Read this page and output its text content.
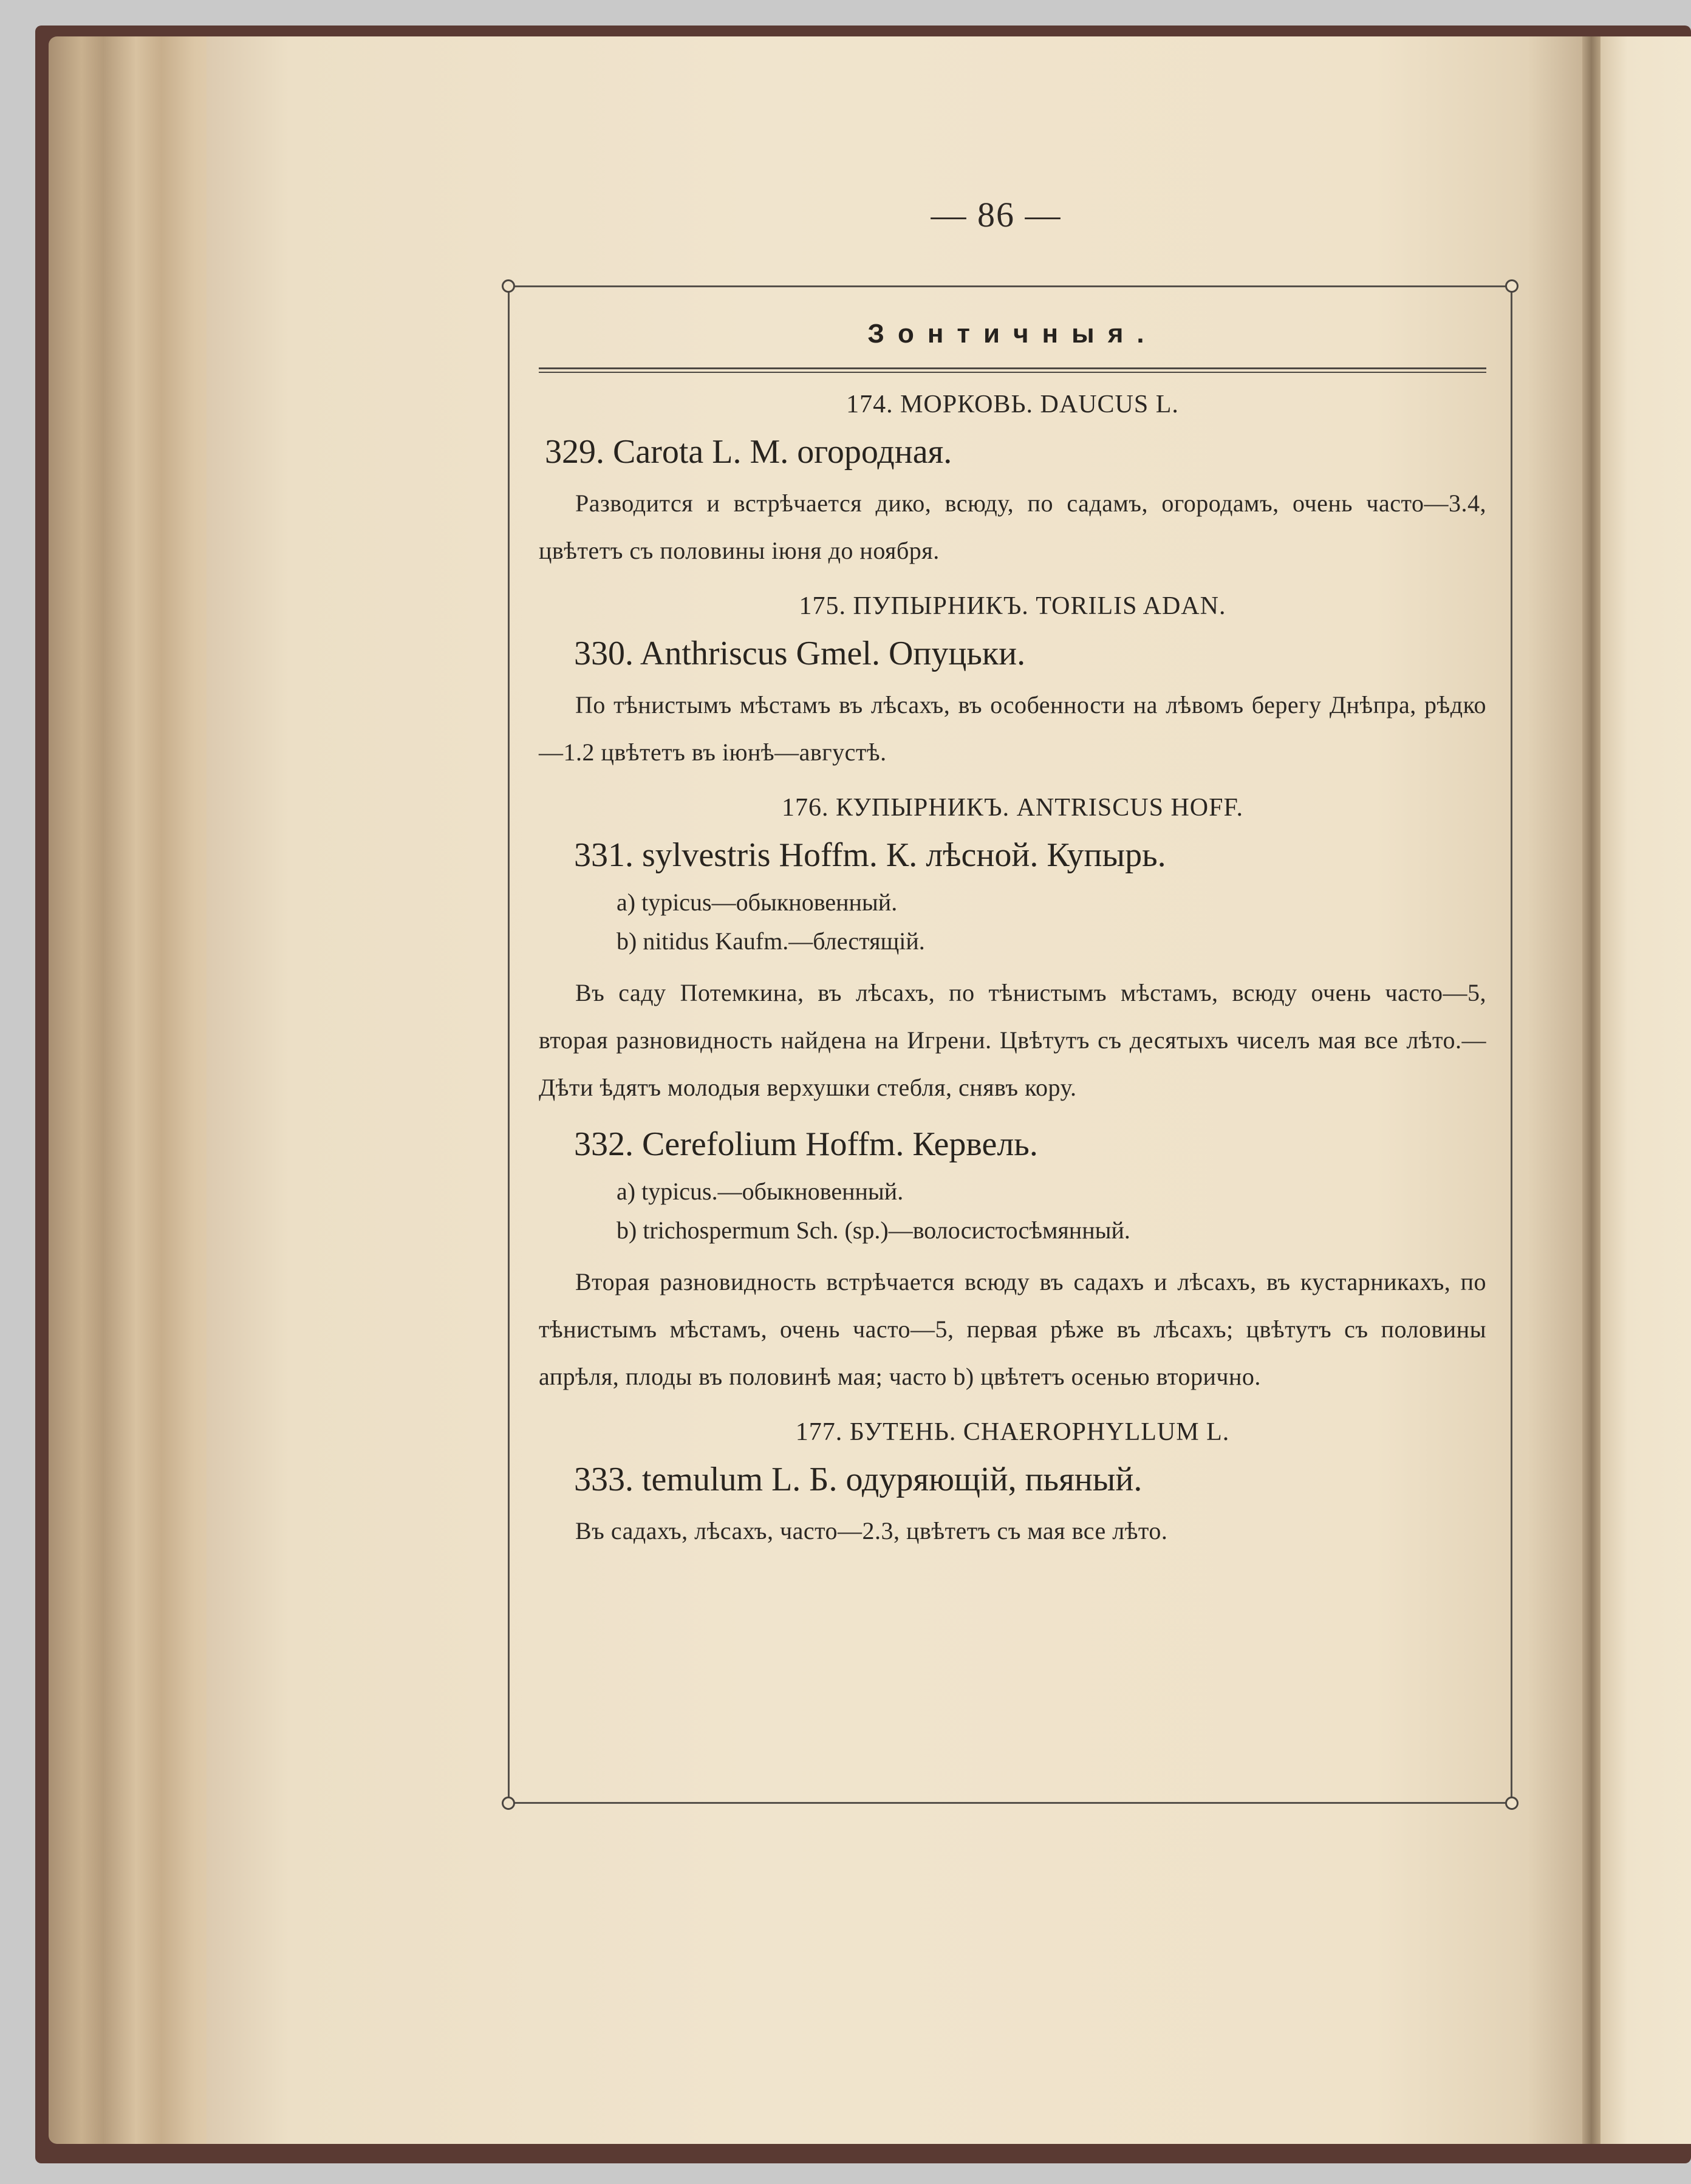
— 86 —
Зонтичныя.
174. МОРКОВЬ. DAUCUS L.
329. Carota L. M. огородная.
Разводится и встрѣчается дико, всюду, по садамъ, огородамъ, очень часто—3.4, цвѣтетъ съ половины іюня до ноября.
175. ПУПЫРНИКЪ. TORILIS ADAN.
330. Anthriscus Gmel. Опуцьки.
По тѣнистымъ мѣстамъ въ лѣсахъ, въ особенности на лѣвомъ берегу Днѣпра, рѣдко—1.2 цвѣтетъ въ іюнѣ—августѣ.
176. КУПЫРНИКЪ. ANTRISCUS HOFF.
331. sylvestris Hoffm. К. лѣсной. Купырь.
a) typicus—обыкновенный.
b) nitidus Kaufm.—блестящій.
Въ саду Потемкина, въ лѣсахъ, по тѣнистымъ мѣстамъ, всюду очень часто—5, вторая разновидность найдена на Игрени. Цвѣтутъ съ десятыхъ чиселъ мая все лѣто.—Дѣти ѣдятъ молодыя верхушки стебля, снявъ кору.
332. Cerefolium Hoffm. Кервель.
a) typicus.—обыкновенный.
b) trichospermum Sch. (sp.)—волосистосѣмянный.
Вторая разновидность встрѣчается всюду въ садахъ и лѣсахъ, въ кустарникахъ, по тѣнистымъ мѣстамъ, очень часто—5, первая рѣже въ лѣсахъ; цвѣтутъ съ половины апрѣля, плоды въ половинѣ мая; часто b) цвѣтетъ осенью вторично.
177. БУТЕНЬ. CHAEROPHYLLUM L.
333. temulum L. Б. одуряющій, пьяный.
Въ садахъ, лѣсахъ, часто—2.3, цвѣтетъ съ мая все лѣто.
